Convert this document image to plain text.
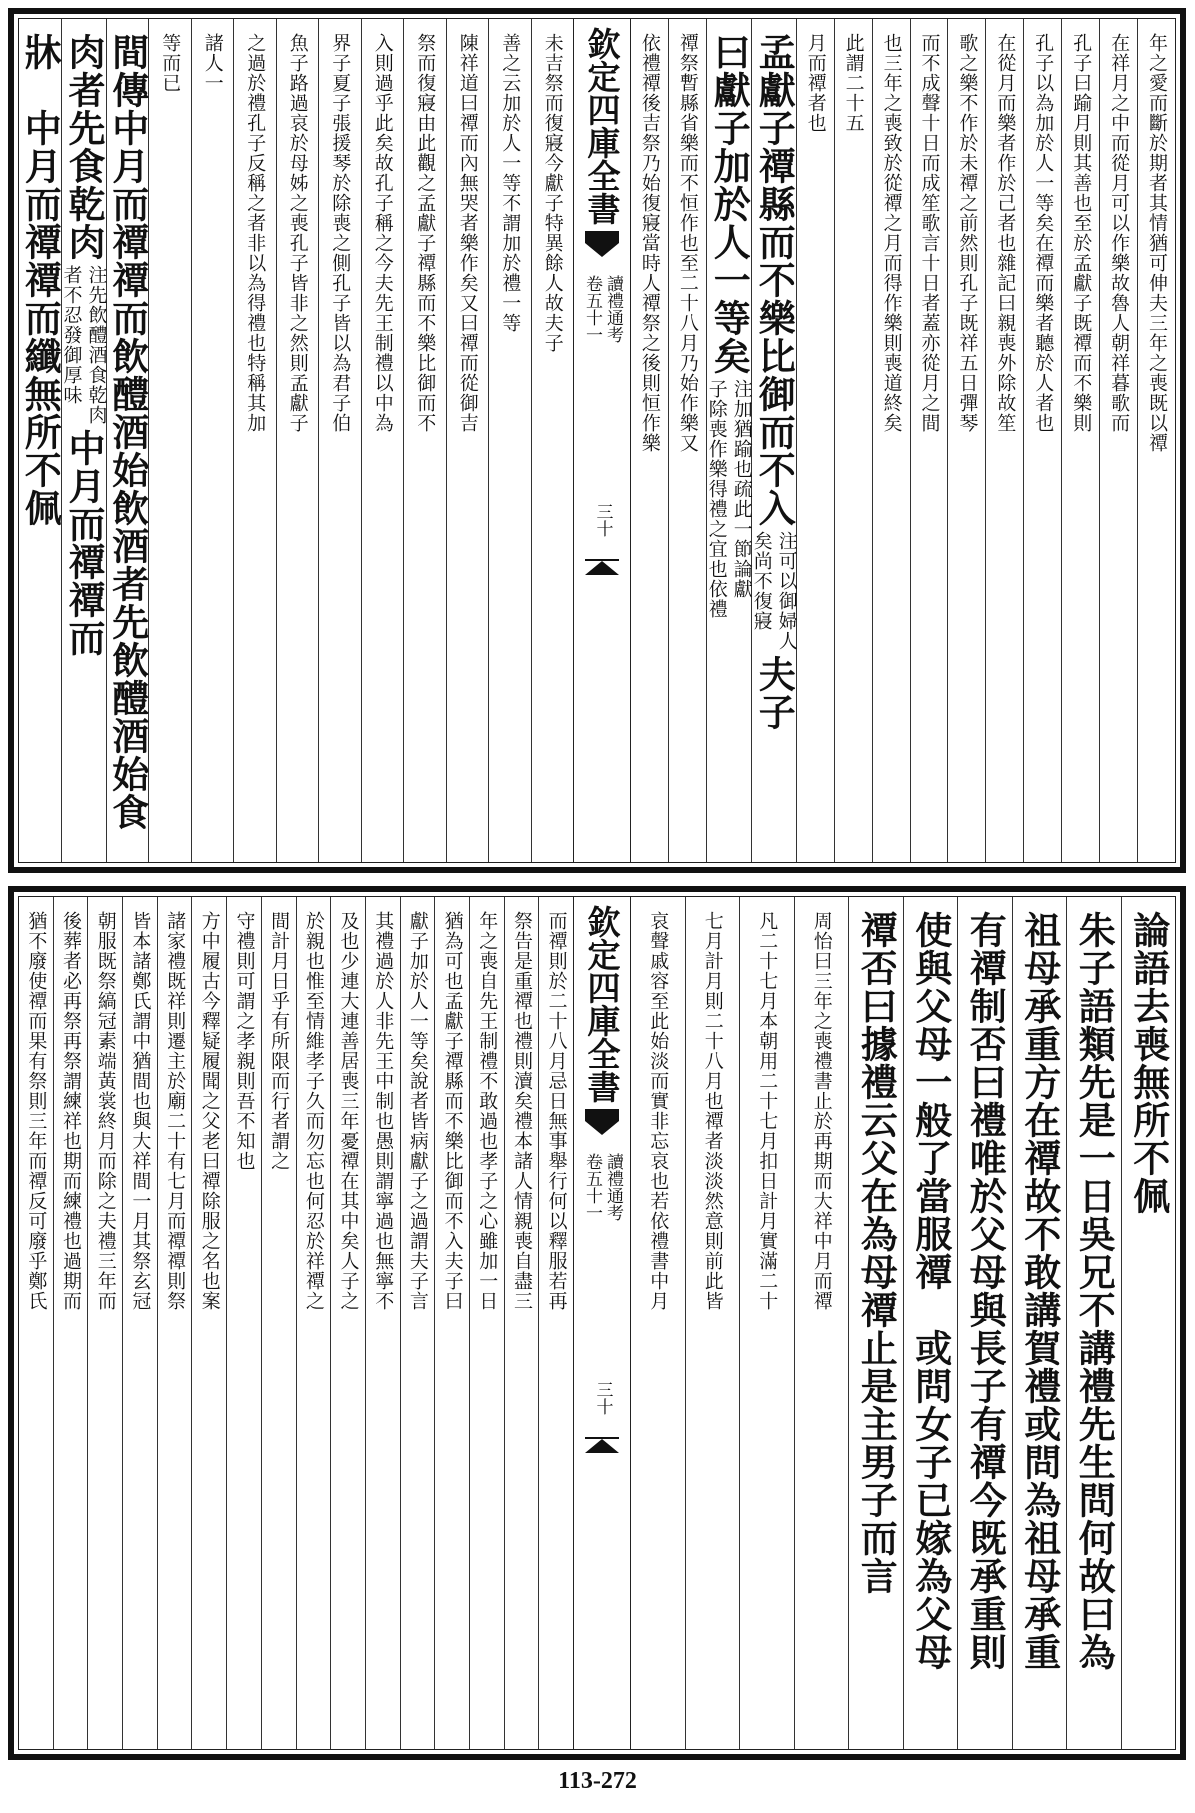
年之愛而斷於期者其情猶可伸夫三年之喪既以禫
在祥月之中而從月可以作樂故魯人朝祥暮歌而
孔子曰踰月則其善也至於孟獻子既禫而不樂則
孔子以為加於人一等矣在禫而樂者聽於人者也
在從月而樂者作於己者也雜記曰親喪外除故笙
歌之樂不作於未禫之前然則孔子既祥五日彈琴
而不成聲十日而成笙歌言十日者蓋亦從月之間
也三年之喪致於從禫之月而得作樂則喪道終矣
此謂二十五
月而禫者也
孟獻子禫縣而不樂比御而不入
注可以御婦人
矣尚不復寢
夫子
曰獻子加於人一等矣
注加猶踰也疏此一節論獻
子除喪作樂得禮之宜也依禮
禫祭暫縣省樂而不恒作也至二十八月乃始作樂又
依禮禫後吉祭乃始復寢當時人禫祭之後則恒作樂
欽定四庫全書
讀禮通考
卷五十一
三十
未吉祭而復寢今獻子特異餘人故夫子
善之云加於人一等不謂加於禮一等
陳祥道曰禫而內無哭者樂作矣又曰禫而從御吉
祭而復寢由此觀之孟獻子禫縣而不樂比御而不
入則過乎此矣故孔子稱之今夫先王制禮以中為
界子夏子張援琴於除喪之側孔子皆以為君子伯
魚子路過哀於母姊之喪孔子皆非之然則孟獻子
之過於禮孔子反稱之者非以為得禮也特稱其加
諸人一
等而已
間傳中月而禫禫而飲醴酒始飲酒者先飲醴酒始食
肉者先食乾肉
注先飲醴酒食乾肉
者不忍發御厚味
中月而禫禫而
牀　中月而禫禫而纖無所不佩
論語去喪無所不佩
朱子語類先是一日吳兄不講禮先生問何故曰為
祖母承重方在禫故不敢講賀禮或問為祖母承重
有禫制否曰禮唯於父母與長子有禫今既承重則
使與父母一般了當服禫　或問女子已嫁為父母
禫否曰據禮云父在為母禫止是主男子而言
周怡曰三年之喪禮書止於再期而大祥中月而禫
凡二十七月本朝用二十七月扣日計月實滿二十
七月計月則二十八月也禫者淡淡然意則前此皆
哀聲戚容至此始淡而實非忘哀也若依禮書中月
欽定四庫全書
讀禮通考
卷五十一
三十
而禫則於二十八月忌日無事舉行何以釋服若再
祭告是重禫也禮則瀆矣禮本諸人情親喪自盡三
年之喪自先王制禮不敢過也孝子之心雖加一日
猶為可也孟獻子禫縣而不樂比御而不入夫子曰
獻子加於人一等矣說者皆病獻子之過謂夫子言
其禮過於人非先王中制也愚則謂寧過也無寧不
及也少連大連善居喪三年憂禫在其中矣人子之
於親也惟至情維孝子久而勿忘也何忍於祥禫之
間計月日乎有所限而行者謂之
守禮則可謂之孝親則吾不知也
方中履古今釋疑履聞之父老曰禫除服之名也案
諸家禮既祥則遷主於廟二十有七月而禫禫則祭
皆本諸鄭氏謂中猶間也與大祥間一月其祭玄冠
朝服既祭縞冠素端黃裳終月而除之夫禮三年而
後葬者必再祭再祭謂練祥也期而練禮也過期而
猶不廢使禫而果有祭則三年而禫反可廢乎鄭氏
113-272
